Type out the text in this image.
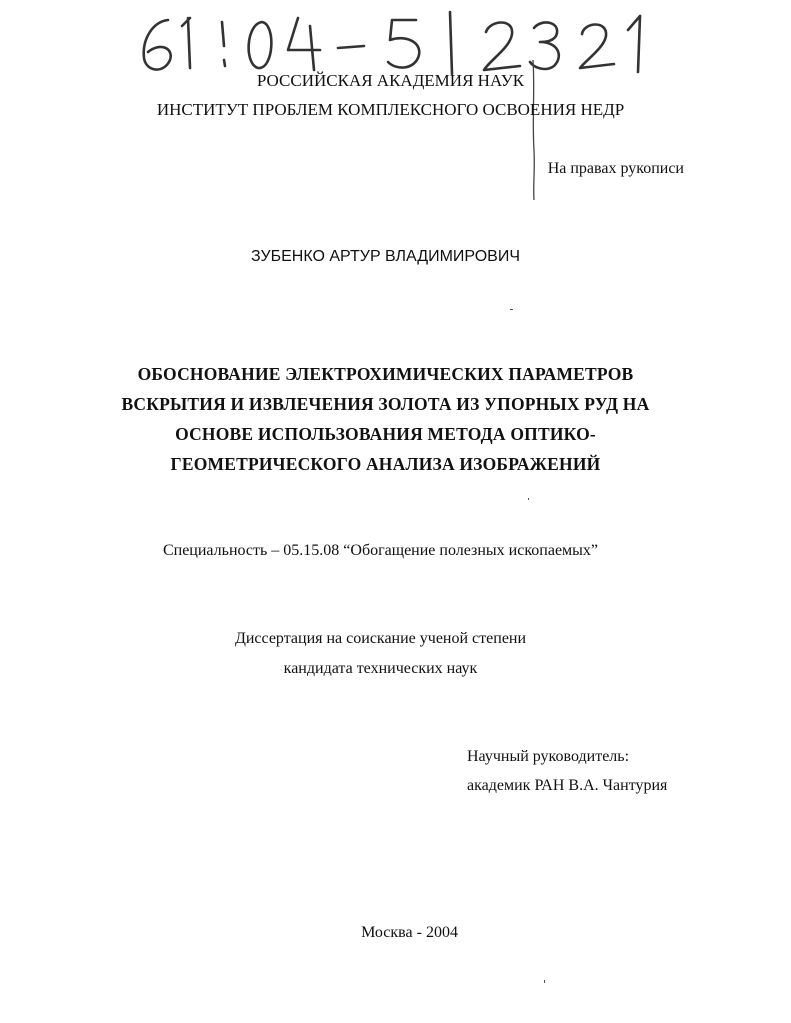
РОССИЙСКАЯ АКАДЕМИЯ НАУК
ИНСТИТУТ ПРОБЛЕМ КОМПЛЕКСНОГО ОСВОЕНИЯ НЕДР
На правах рукописи
ЗУБЕНКО АРТУР ВЛАДИМИРОВИЧ
ОБОСНОВАНИЕ ЭЛЕКТРОХИМИЧЕСКИХ ПАРАМЕТРОВ
ВСКРЫТИЯ И ИЗВЛЕЧЕНИЯ ЗОЛОТА ИЗ УПОРНЫХ РУД НА
ОСНОВЕ ИСПОЛЬЗОВАНИЯ МЕТОДА ОПТИКО-
ГЕОМЕТРИЧЕСКОГО АНАЛИЗА ИЗОБРАЖЕНИЙ
Специальность – 05.15.08 “Обогащение полезных ископаемых”
Диссертация на соискание ученой степени
кандидата технических наук
Научный руководитель:
академик РАН В.А. Чантурия
Москва - 2004
